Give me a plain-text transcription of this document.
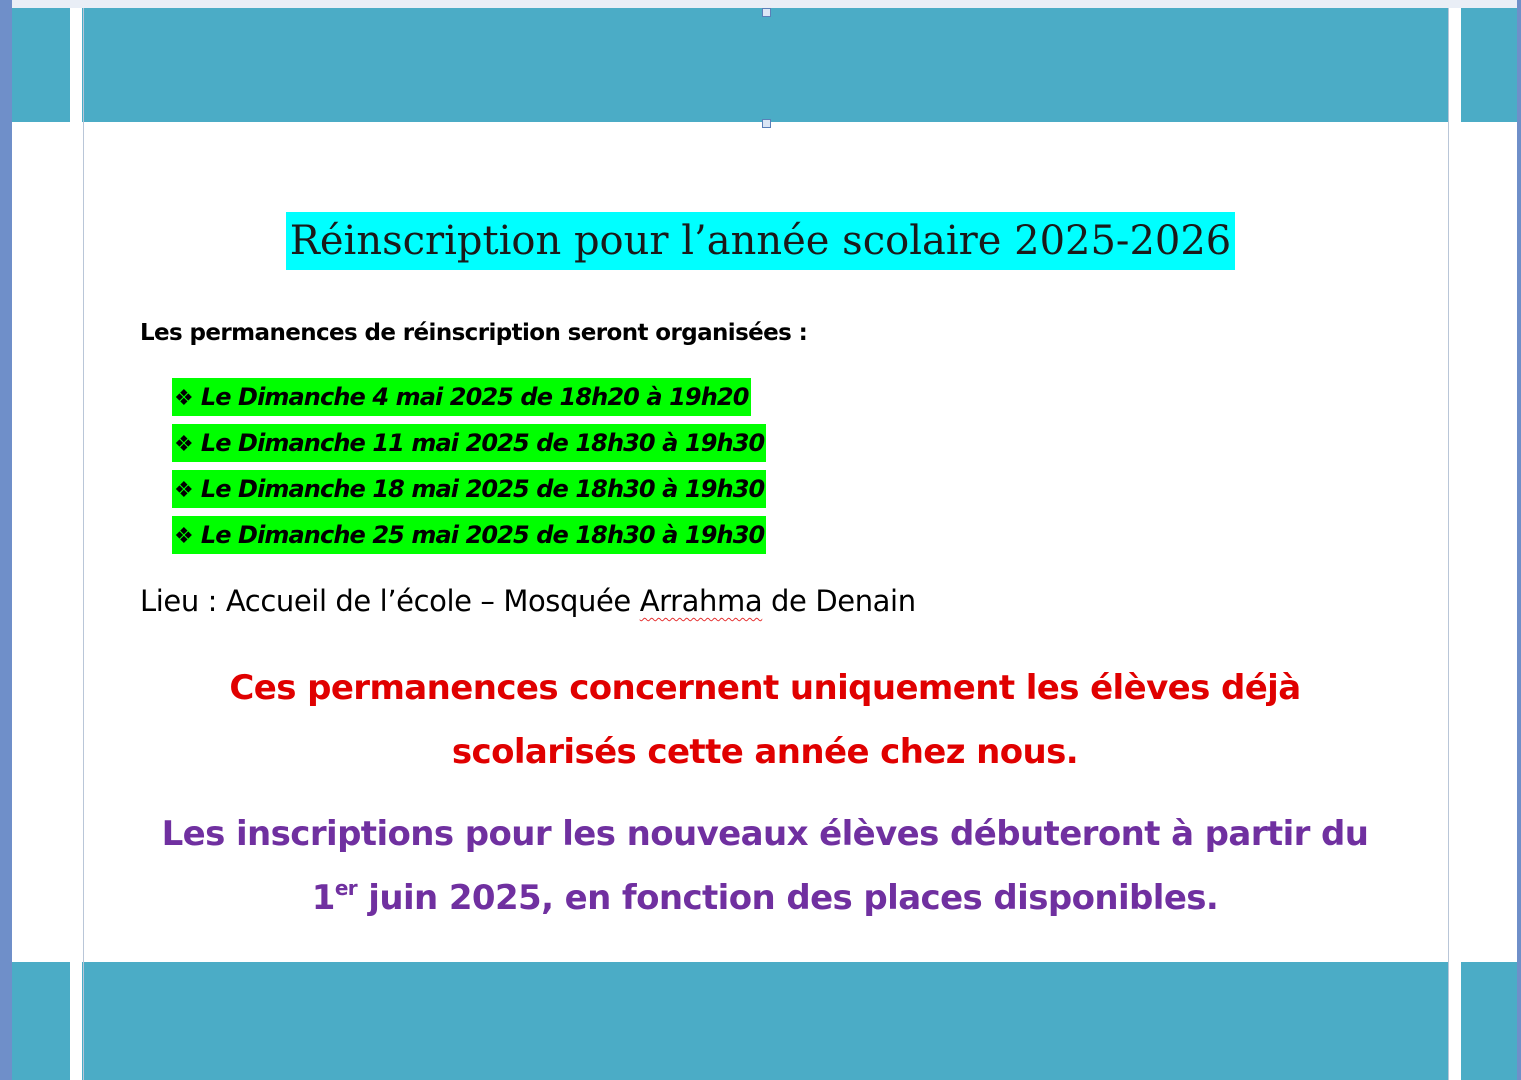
Réinscription pour l’année scolaire 2025-2026
Les permanences de réinscription seront organisées :
❖ Le Dimanche 4 mai 2025 de 18h20 à 19h20
❖ Le Dimanche 11 mai 2025 de 18h30 à 19h30
❖ Le Dimanche 18 mai 2025 de 18h30 à 19h30
❖ Le Dimanche 25 mai 2025 de 18h30 à 19h30
Lieu : Accueil de l’école – Mosquée Arrahma de Denain
Ces permanences concernent uniquement les élèves déjà
scolarisés cette année chez nous.
Les inscriptions pour les nouveaux élèves débuteront à partir du
1er juin 2025, en fonction des places disponibles.
